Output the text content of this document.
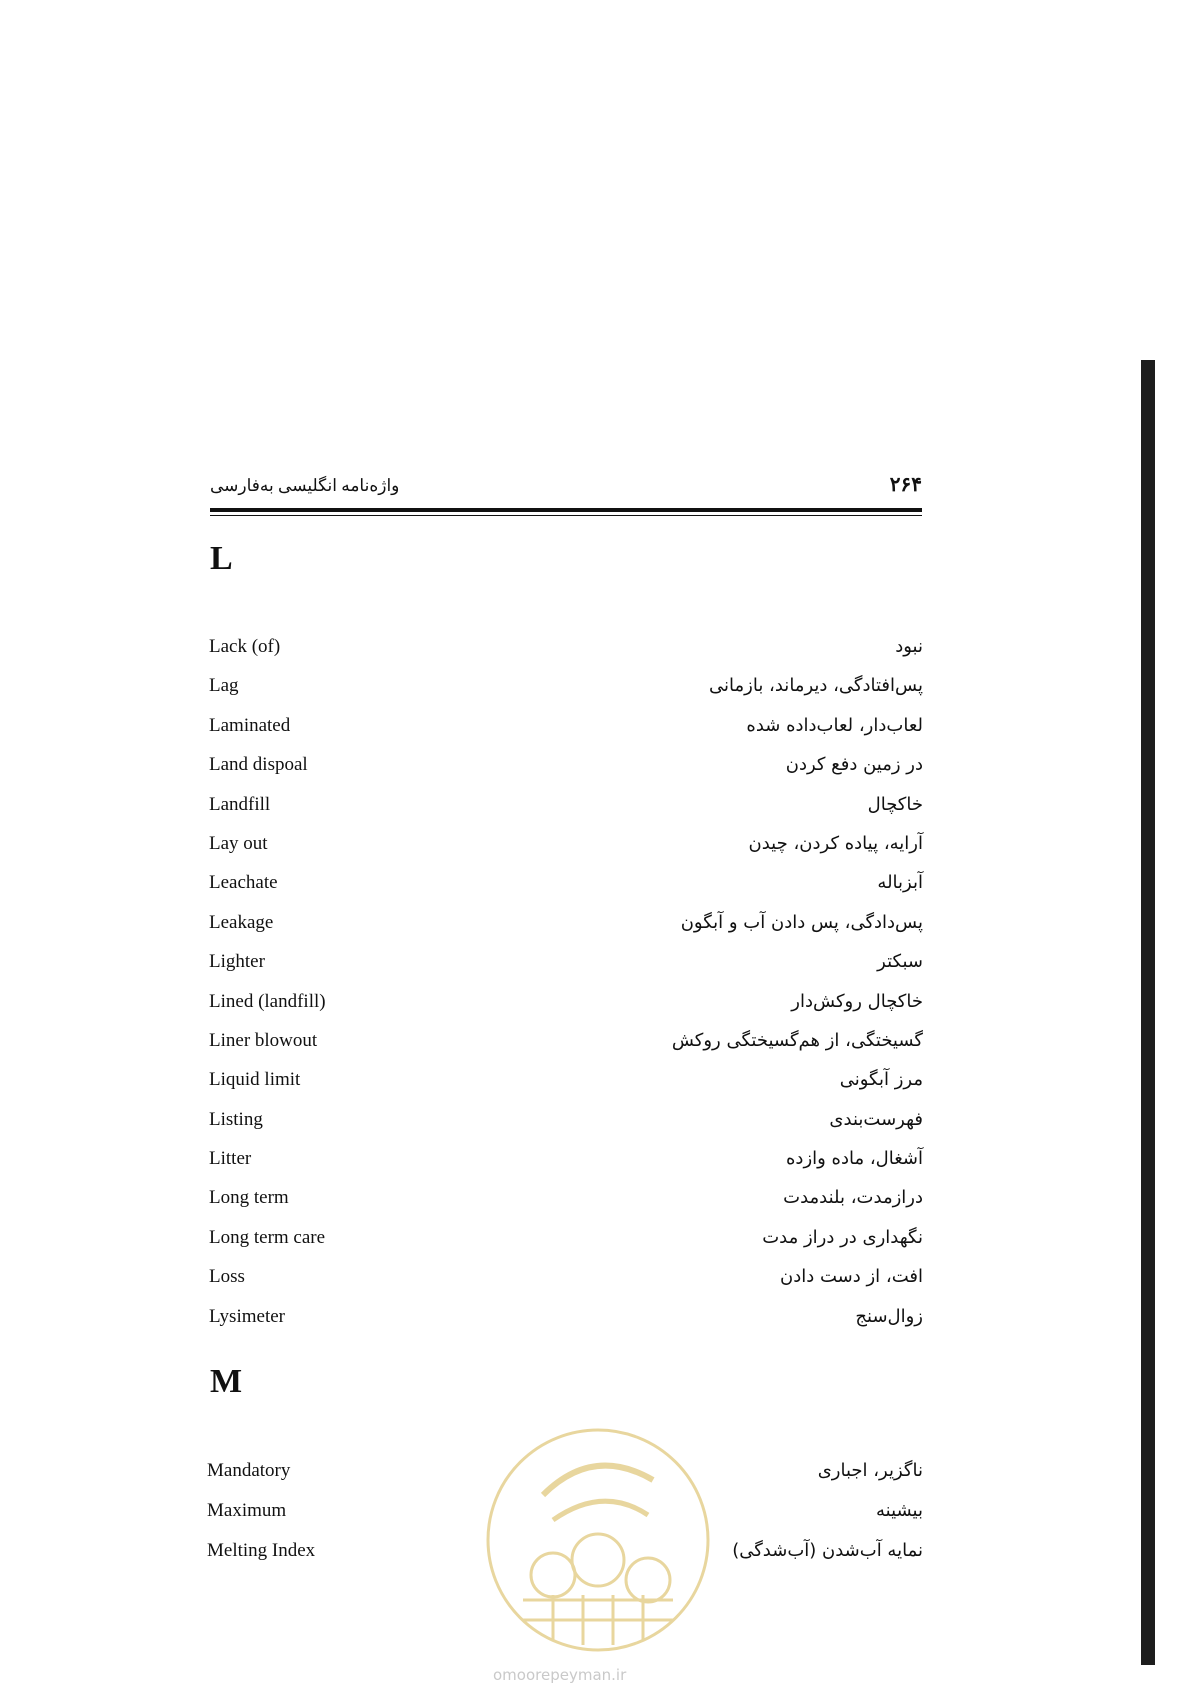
واژه‌نامه انگلیسی به‌فارسی	۲۶۴
L
Lack (of)	نبود
Lag	پس‌افتادگی، دیرماند، بازمانی
Laminated	لعاب‌دار، لعاب‌داده شده
Land dispoal	در زمین دفع کردن
Landfill	خاکچال
Lay out	آرایه، پیاده کردن، چیدن
Leachate	آبزباله
Leakage	پس‌دادگی، پس دادن آب و آبگون
Lighter	سبکتر
Lined (landfill)	خاکچال روکش‌دار
Liner blowout	گسیختگی، از هم‌گسیختگی روکش
Liquid limit	مرز آبگونی
Listing	فهرست‌بندی
Litter	آشغال، ماده وازده
Long term	درازمدت، بلندمدت
Long term care	نگهداری در دراز مدت
Loss	افت، از دست دادن
Lysimeter	زوال‌سنج
M
Mandatory	ناگزیر، اجباری
Maximum	بیشینه
Melting Index	نمایه آب‌شدن (آب‌شدگی)
omoorepeyman.ir
